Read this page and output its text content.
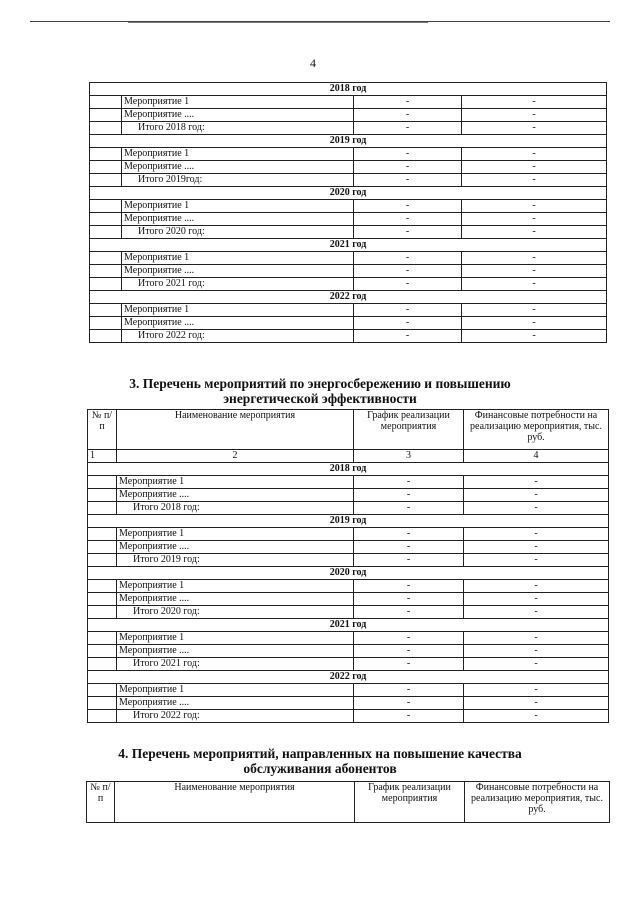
4
2018 год			
	Мероприятие 1	-	-
	Мероприятие ....	-	-
	Итого 2018 год:	-	-
2019 год			
	Мероприятие 1	-	-
	Мероприятие ....	-	-
	Итого 2019год:	-	-
2020 год			
	Мероприятие 1	-	-
	Мероприятие ....	-	-
	Итого 2020 год:	-	-
2021 год			
	Мероприятие 1	-	-
	Мероприятие ....	-	-
	Итого 2021 год:	-	-
2022 год			
	Мероприятие 1	-	-
	Мероприятие ....	-	-
	Итого 2022 год:	-	-
3. Перечень мероприятий по энергосбережению и повышению
энергетической эффективности
№ п/п	Наименование мероприятия	График реализации мероприятия	Финансовые потребности на реализацию мероприятия, тыс. руб.
1	2	3	4
2018 год			
	Мероприятие 1	-	-
	Мероприятие ....	-	-
	Итого 2018 год:	-	-
2019 год			
	Мероприятие 1	-	-
	Мероприятие ....	-	-
	Итого 2019 год:	-	-
2020 год			
	Мероприятие 1	-	-
	Мероприятие ....	-	-
	Итого 2020 год:	-	-
2021 год			
	Мероприятие 1	-	-
	Мероприятие ....	-	-
	Итого 2021 год:	-	-
2022 год			
	Мероприятие 1	-	-
	Мероприятие ....	-	-
	Итого 2022 год:	-	-
4. Перечень мероприятий, направленных на повышение качества
обслуживания абонентов
№ п/п	Наименование мероприятия	График реализации мероприятия	Финансовые потребности на реализацию мероприятия, тыс. руб.
